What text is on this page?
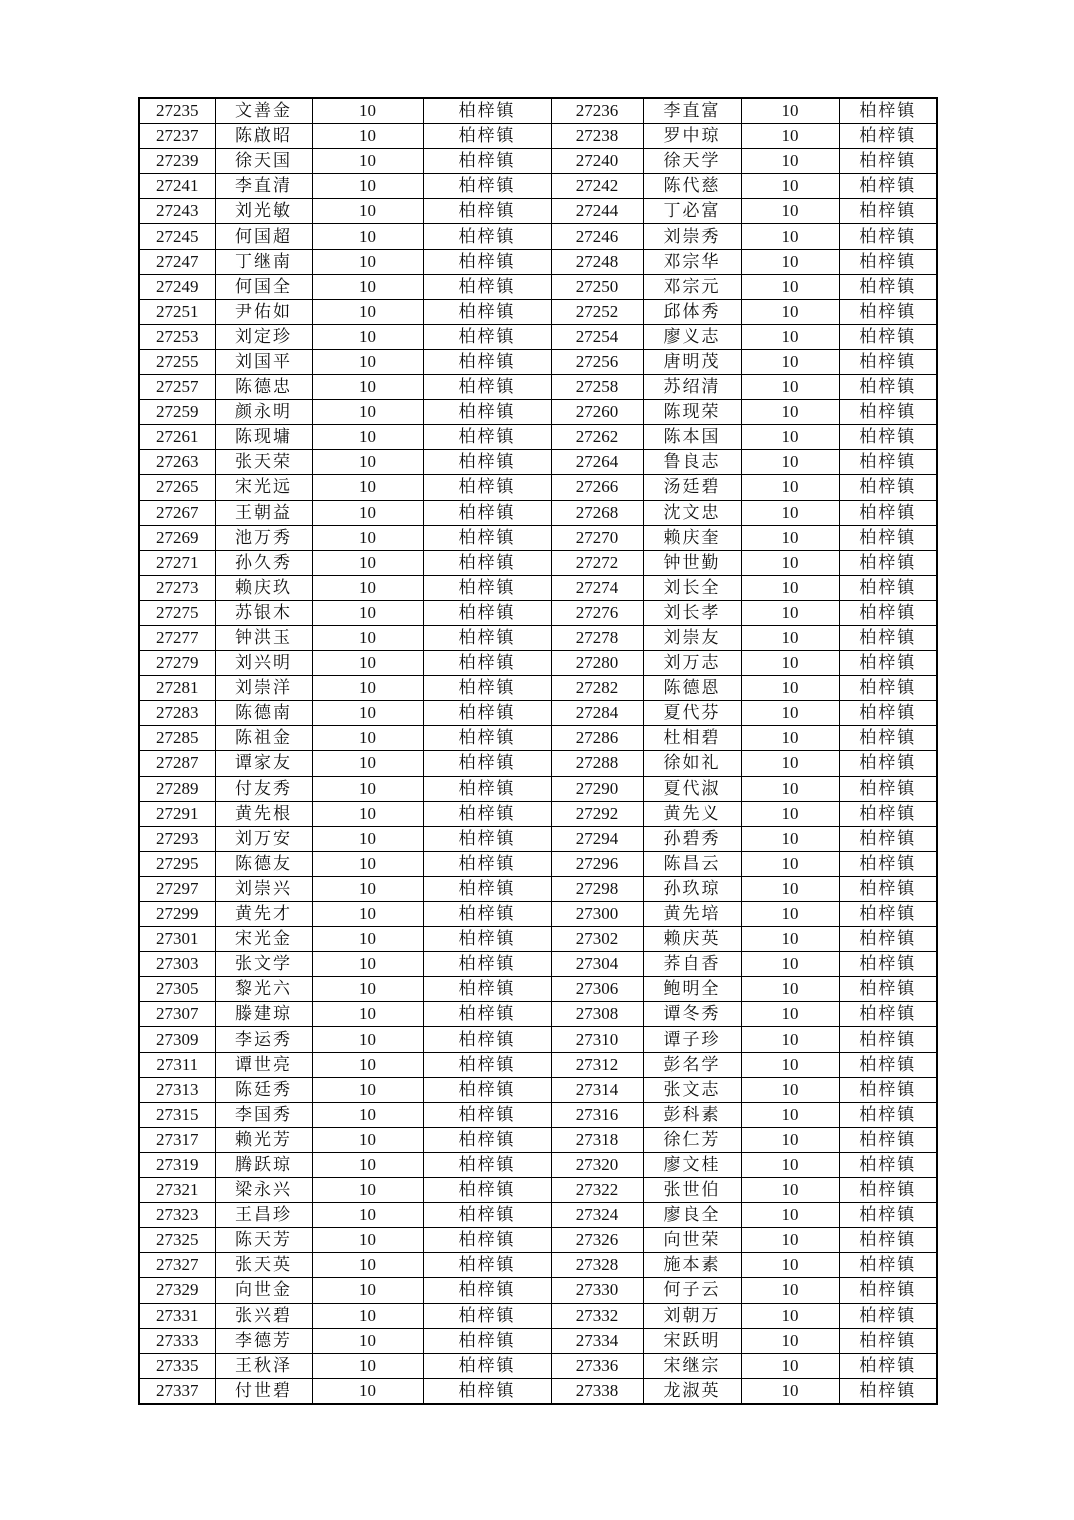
27235	文善金	10	柏梓镇	27236	李直富	10	柏梓镇
27237	陈啟昭	10	柏梓镇	27238	罗中琼	10	柏梓镇
27239	徐天国	10	柏梓镇	27240	徐天学	10	柏梓镇
27241	李直清	10	柏梓镇	27242	陈代慈	10	柏梓镇
27243	刘光敏	10	柏梓镇	27244	丁必富	10	柏梓镇
27245	何国超	10	柏梓镇	27246	刘崇秀	10	柏梓镇
27247	丁继南	10	柏梓镇	27248	邓宗华	10	柏梓镇
27249	何国全	10	柏梓镇	27250	邓宗元	10	柏梓镇
27251	尹佑如	10	柏梓镇	27252	邱体秀	10	柏梓镇
27253	刘定珍	10	柏梓镇	27254	廖义志	10	柏梓镇
27255	刘国平	10	柏梓镇	27256	唐明茂	10	柏梓镇
27257	陈德忠	10	柏梓镇	27258	苏绍清	10	柏梓镇
27259	颜永明	10	柏梓镇	27260	陈现荣	10	柏梓镇
27261	陈现墉	10	柏梓镇	27262	陈本国	10	柏梓镇
27263	张天荣	10	柏梓镇	27264	鲁良志	10	柏梓镇
27265	宋光远	10	柏梓镇	27266	汤廷碧	10	柏梓镇
27267	王朝益	10	柏梓镇	27268	沈文忠	10	柏梓镇
27269	池万秀	10	柏梓镇	27270	赖庆奎	10	柏梓镇
27271	孙久秀	10	柏梓镇	27272	钟世勤	10	柏梓镇
27273	赖庆玖	10	柏梓镇	27274	刘长全	10	柏梓镇
27275	苏银木	10	柏梓镇	27276	刘长孝	10	柏梓镇
27277	钟洪玉	10	柏梓镇	27278	刘崇友	10	柏梓镇
27279	刘兴明	10	柏梓镇	27280	刘万志	10	柏梓镇
27281	刘崇洋	10	柏梓镇	27282	陈德恩	10	柏梓镇
27283	陈德南	10	柏梓镇	27284	夏代芬	10	柏梓镇
27285	陈祖金	10	柏梓镇	27286	杜相碧	10	柏梓镇
27287	谭家友	10	柏梓镇	27288	徐如礼	10	柏梓镇
27289	付友秀	10	柏梓镇	27290	夏代淑	10	柏梓镇
27291	黄先根	10	柏梓镇	27292	黄先义	10	柏梓镇
27293	刘万安	10	柏梓镇	27294	孙碧秀	10	柏梓镇
27295	陈德友	10	柏梓镇	27296	陈昌云	10	柏梓镇
27297	刘崇兴	10	柏梓镇	27298	孙玖琼	10	柏梓镇
27299	黄先才	10	柏梓镇	27300	黄先培	10	柏梓镇
27301	宋光金	10	柏梓镇	27302	赖庆英	10	柏梓镇
27303	张文学	10	柏梓镇	27304	荞自香	10	柏梓镇
27305	黎光六	10	柏梓镇	27306	鲍明全	10	柏梓镇
27307	滕建琼	10	柏梓镇	27308	谭冬秀	10	柏梓镇
27309	李运秀	10	柏梓镇	27310	谭子珍	10	柏梓镇
27311	谭世亮	10	柏梓镇	27312	彭名学	10	柏梓镇
27313	陈廷秀	10	柏梓镇	27314	张文志	10	柏梓镇
27315	李国秀	10	柏梓镇	27316	彭科素	10	柏梓镇
27317	赖光芳	10	柏梓镇	27318	徐仁芳	10	柏梓镇
27319	腾跃琼	10	柏梓镇	27320	廖文桂	10	柏梓镇
27321	梁永兴	10	柏梓镇	27322	张世伯	10	柏梓镇
27323	王昌珍	10	柏梓镇	27324	廖良全	10	柏梓镇
27325	陈天芳	10	柏梓镇	27326	向世荣	10	柏梓镇
27327	张天英	10	柏梓镇	27328	施本素	10	柏梓镇
27329	向世金	10	柏梓镇	27330	何子云	10	柏梓镇
27331	张兴碧	10	柏梓镇	27332	刘朝万	10	柏梓镇
27333	李德芳	10	柏梓镇	27334	宋跃明	10	柏梓镇
27335	王秋泽	10	柏梓镇	27336	宋继宗	10	柏梓镇
27337	付世碧	10	柏梓镇	27338	龙淑英	10	柏梓镇
